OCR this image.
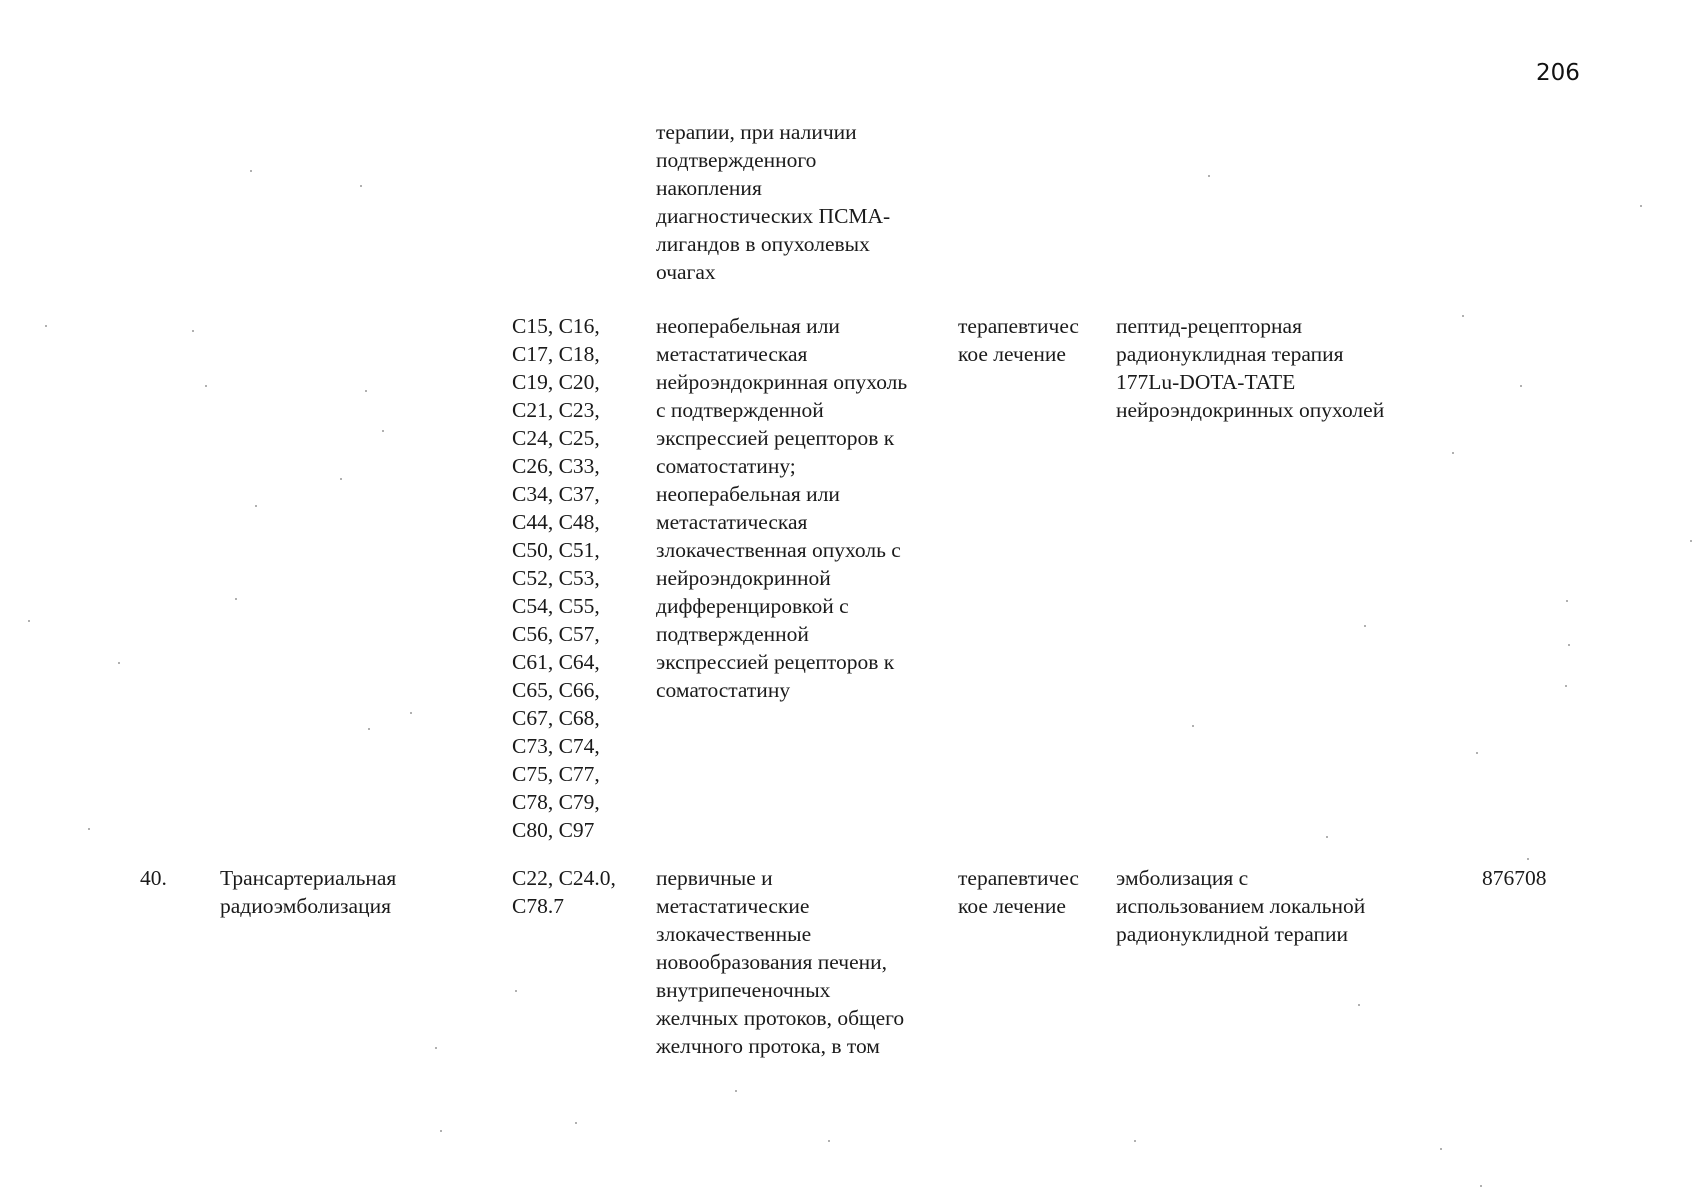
206
терапии, при наличии
подтвержденного
накопления
диагностических ПСМА-
лигандов в опухолевых
очагах
C15, C16,
C17, C18,
C19, C20,
C21, C23,
C24, C25,
C26, C33,
C34, C37,
C44, C48,
C50, C51,
C52, C53,
C54, C55,
C56, C57,
C61, C64,
C65, C66,
C67, C68,
C73, C74,
C75, C77,
C78, C79,
C80, C97
неоперабельная или
метастатическая
нейроэндокринная опухоль
с подтвержденной
экспрессией рецепторов к
соматостатину;
неоперабельная или
метастатическая
злокачественная опухоль с
нейроэндокринной
дифференцировкой с
подтвержденной
экспрессией рецепторов к
соматостатину
терапевтичес
кое лечение
пептид-рецепторная
радионуклидная терапия
177Lu-DOTA-TATE
нейроэндокринных опухолей
40. Трансартериальная
радиоэмболизация
C22, C24.0,
C78.7
первичные и
метастатические
злокачественные
новообразования печени,
внутрипеченочных
желчных протоков, общего
желчного протока, в том
терапевтичес
кое лечение
эмболизация с
использованием локальной
радионуклидной терапии
876708
